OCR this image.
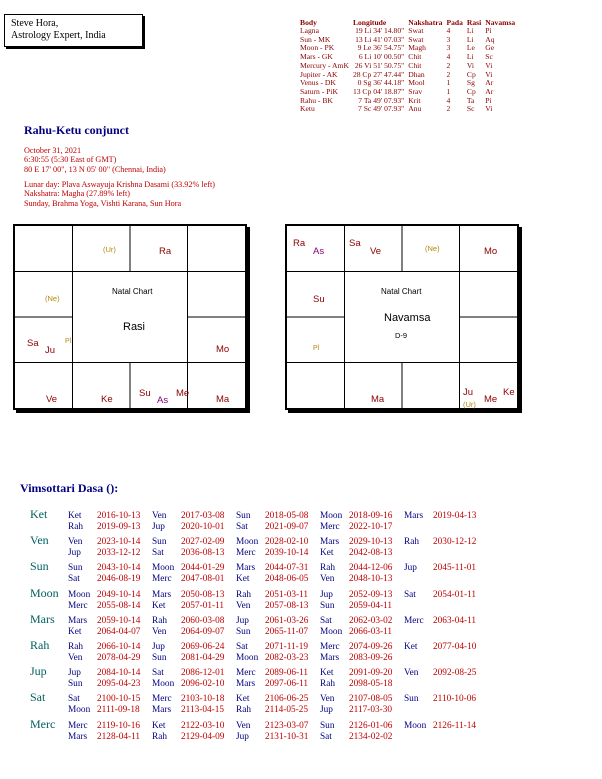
Steve Hora,
Astrology Expert, India
Body	Longitude	Nakshatra	Pada	Rasi	Navamsa
Lagna	19 Li 34' 14.80"	Swat	4	Li	Pi
Sun - MK	13 Li 41' 07.03"	Swat	3	Li	Aq
Moon - PK	9 Le 36' 54.75"	Magh	3	Le	Ge
Mars - GK	6 Li 10' 00.50"	Chit	4	Li	Sc
Mercury - AmK	26 Vi 51' 50.75"	Chit	2	Vi	Vi
Jupiter - AK	28 Cp 27' 47.44"	Dhan	2	Cp	Vi
Venus - DK	0 Sg 36' 44.18"	Mool	1	Sg	Ar
Saturn - PiK	13 Cp 04' 18.87"	Srav	1	Cp	Ar
Rahu - BK	7 Ta 49' 07.93"	Krit	4	Ta	Pi
Ketu	7 Sc 49' 07.93"	Anu	2	Sc	Vi
Rahu-Ketu conjunct
October 31, 2021
6:30:55 (5:30 East of GMT)
80 E 17' 00", 13 N 05' 00" (Chennai, India)
Lunar day: Plava Aswayuja Krishna Dasami (33.92% left)
Nakshatra: Magha (27.89% left)
Sunday, Brahma Yoga, Vishti Karana, Sun Hora
(Ur)	Ra
(Ne)
Sa
Ju
Pl
Mo
Ve	Ke
Su
As
Me
Ma
Natal Chart
Rasi
Ra
As
Sa
Ve	(Ne)	Mo
Su
Pl
Ma
Ju
(Ur) Me
Ke
Natal Chart
Navamsa
D-9
Vimsottari Dasa ():
Ket Ket 2016-10-13 Ven 2017-03-08 Sun 2018-05-08 Moon 2018-09-16 Mars 2019-04-13
Rah 2019-09-13 Jup 2020-10-01 Sat 2021-09-07 Merc 2022-10-17
Ven Ven 2023-10-14 Sun 2027-02-09 Moon 2028-02-10 Mars 2029-10-13 Rah 2030-12-12
Jup 2033-12-12 Sat 2036-08-13 Merc 2039-10-14 Ket 2042-08-13
Sun Sun 2043-10-14 Moon 2044-01-29 Mars 2044-07-31 Rah 2044-12-06 Jup 2045-11-01
Sat 2046-08-19 Merc 2047-08-01 Ket 2048-06-05 Ven 2048-10-13
Moon Moon 2049-10-14 Mars 2050-08-13 Rah 2051-03-11 Jup 2052-09-13 Sat 2054-01-11
Merc 2055-08-14 Ket 2057-01-11 Ven 2057-08-13 Sun 2059-04-11
Mars Mars 2059-10-14 Rah 2060-03-08 Jup 2061-03-26 Sat 2062-03-02 Merc 2063-04-11
Ket 2064-04-07 Ven 2064-09-07 Sun 2065-11-07 Moon 2066-03-11
Rah Rah 2066-10-14 Jup 2069-06-24 Sat 2071-11-19 Merc 2074-09-26 Ket 2077-04-10
Ven 2078-04-29 Sun 2081-04-29 Moon 2082-03-23 Mars 2083-09-26
Jup Jup 2084-10-14 Sat 2086-12-01 Merc 2089-06-11 Ket 2091-09-20 Ven 2092-08-25
Sun 2095-04-23 Moon 2096-02-10 Mars 2097-06-11 Rah 2098-05-18
Sat Sat 2100-10-15 Merc 2103-10-18 Ket 2106-06-25 Ven 2107-08-05 Sun 2110-10-06
Moon 2111-09-18 Mars 2113-04-15 Rah 2114-05-25 Jup 2117-03-30
Merc Merc 2119-10-16 Ket 2122-03-10 Ven 2123-03-07 Sun 2126-01-06 Moon 2126-11-14
Mars 2128-04-11 Rah 2129-04-09 Jup 2131-10-31 Sat 2134-02-02
